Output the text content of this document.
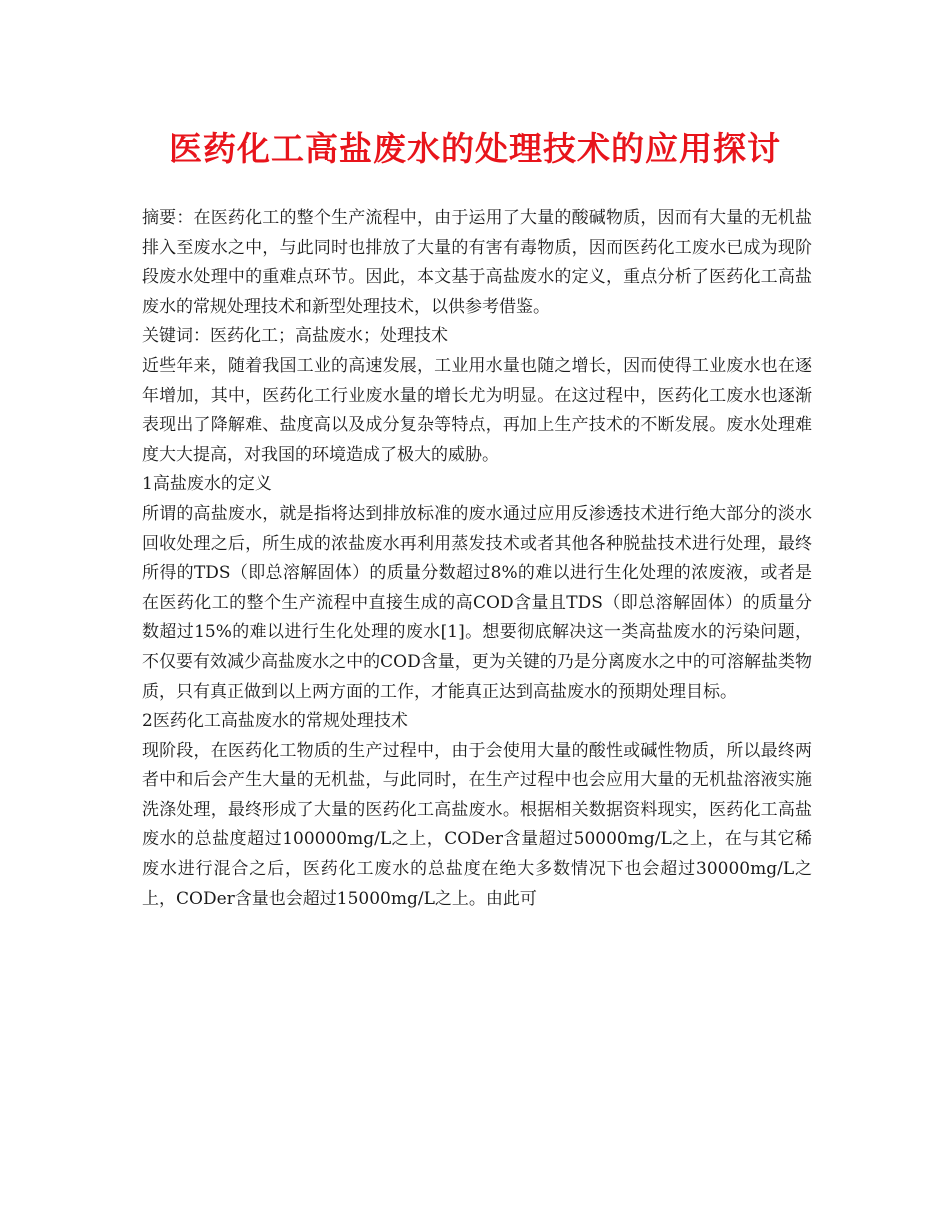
医药化工高盐废水的处理技术的应用探讨

摘要：在医药化工的整个生产流程中，由于运用了大量的酸碱物质，因而有大量的无机盐排入至废水之中，与此同时也排放了大量的有害有毒物质，因而医药化工废水已成为现阶段废水处理中的重难点环节。因此，本文基于高盐废水的定义，重点分析了医药化工高盐废水的常规处理技术和新型处理技术，以供参考借鉴。

关键词：医药化工；高盐废水；处理技术

近些年来，随着我国工业的高速发展，工业用水量也随之增长，因而使得工业废水也在逐年增加，其中，医药化工行业废水量的增长尤为明显。在这过程中，医药化工废水也逐渐表现出了降解难、盐度高以及成分复杂等特点，再加上生产技术的不断发展。废水处理难度大大提高，对我国的环境造成了极大的威胁。

1高盐废水的定义

所谓的高盐废水，就是指将达到排放标准的废水通过应用反渗透技术进行绝大部分的淡水回收处理之后，所生成的浓盐废水再利用蒸发技术或者其他各种脱盐技术进行处理，最终所得的TDS（即总溶解固体）的质量分数超过8%的难以进行生化处理的浓废液，或者是在医药化工的整个生产流程中直接生成的高COD含量且TDS（即总溶解固体）的质量分数超过15%的难以进行生化处理的废水[1]。想要彻底解决这一类高盐废水的污染问题，不仅要有效减少高盐废水之中的COD含量，更为关键的乃是分离废水之中的可溶解盐类物质，只有真正做到以上两方面的工作，才能真正达到高盐废水的预期处理目标。

2医药化工高盐废水的常规处理技术

现阶段，在医药化工物质的生产过程中，由于会使用大量的酸性或碱性物质，所以最终两者中和后会产生大量的无机盐，与此同时，在生产过程中也会应用大量的无机盐溶液实施洗涤处理，最终形成了大量的医药化工高盐废水。根据相关数据资料现实，医药化工高盐废水的总盐度超过100000mg/L之上，CODer含量超过50000mg/L之上，在与其它稀废水进行混合之后，医药化工废水的总盐度在绝大多数情况下也会超过30000mg/L之上，CODer含量也会超过15000mg/L之上。由此可
